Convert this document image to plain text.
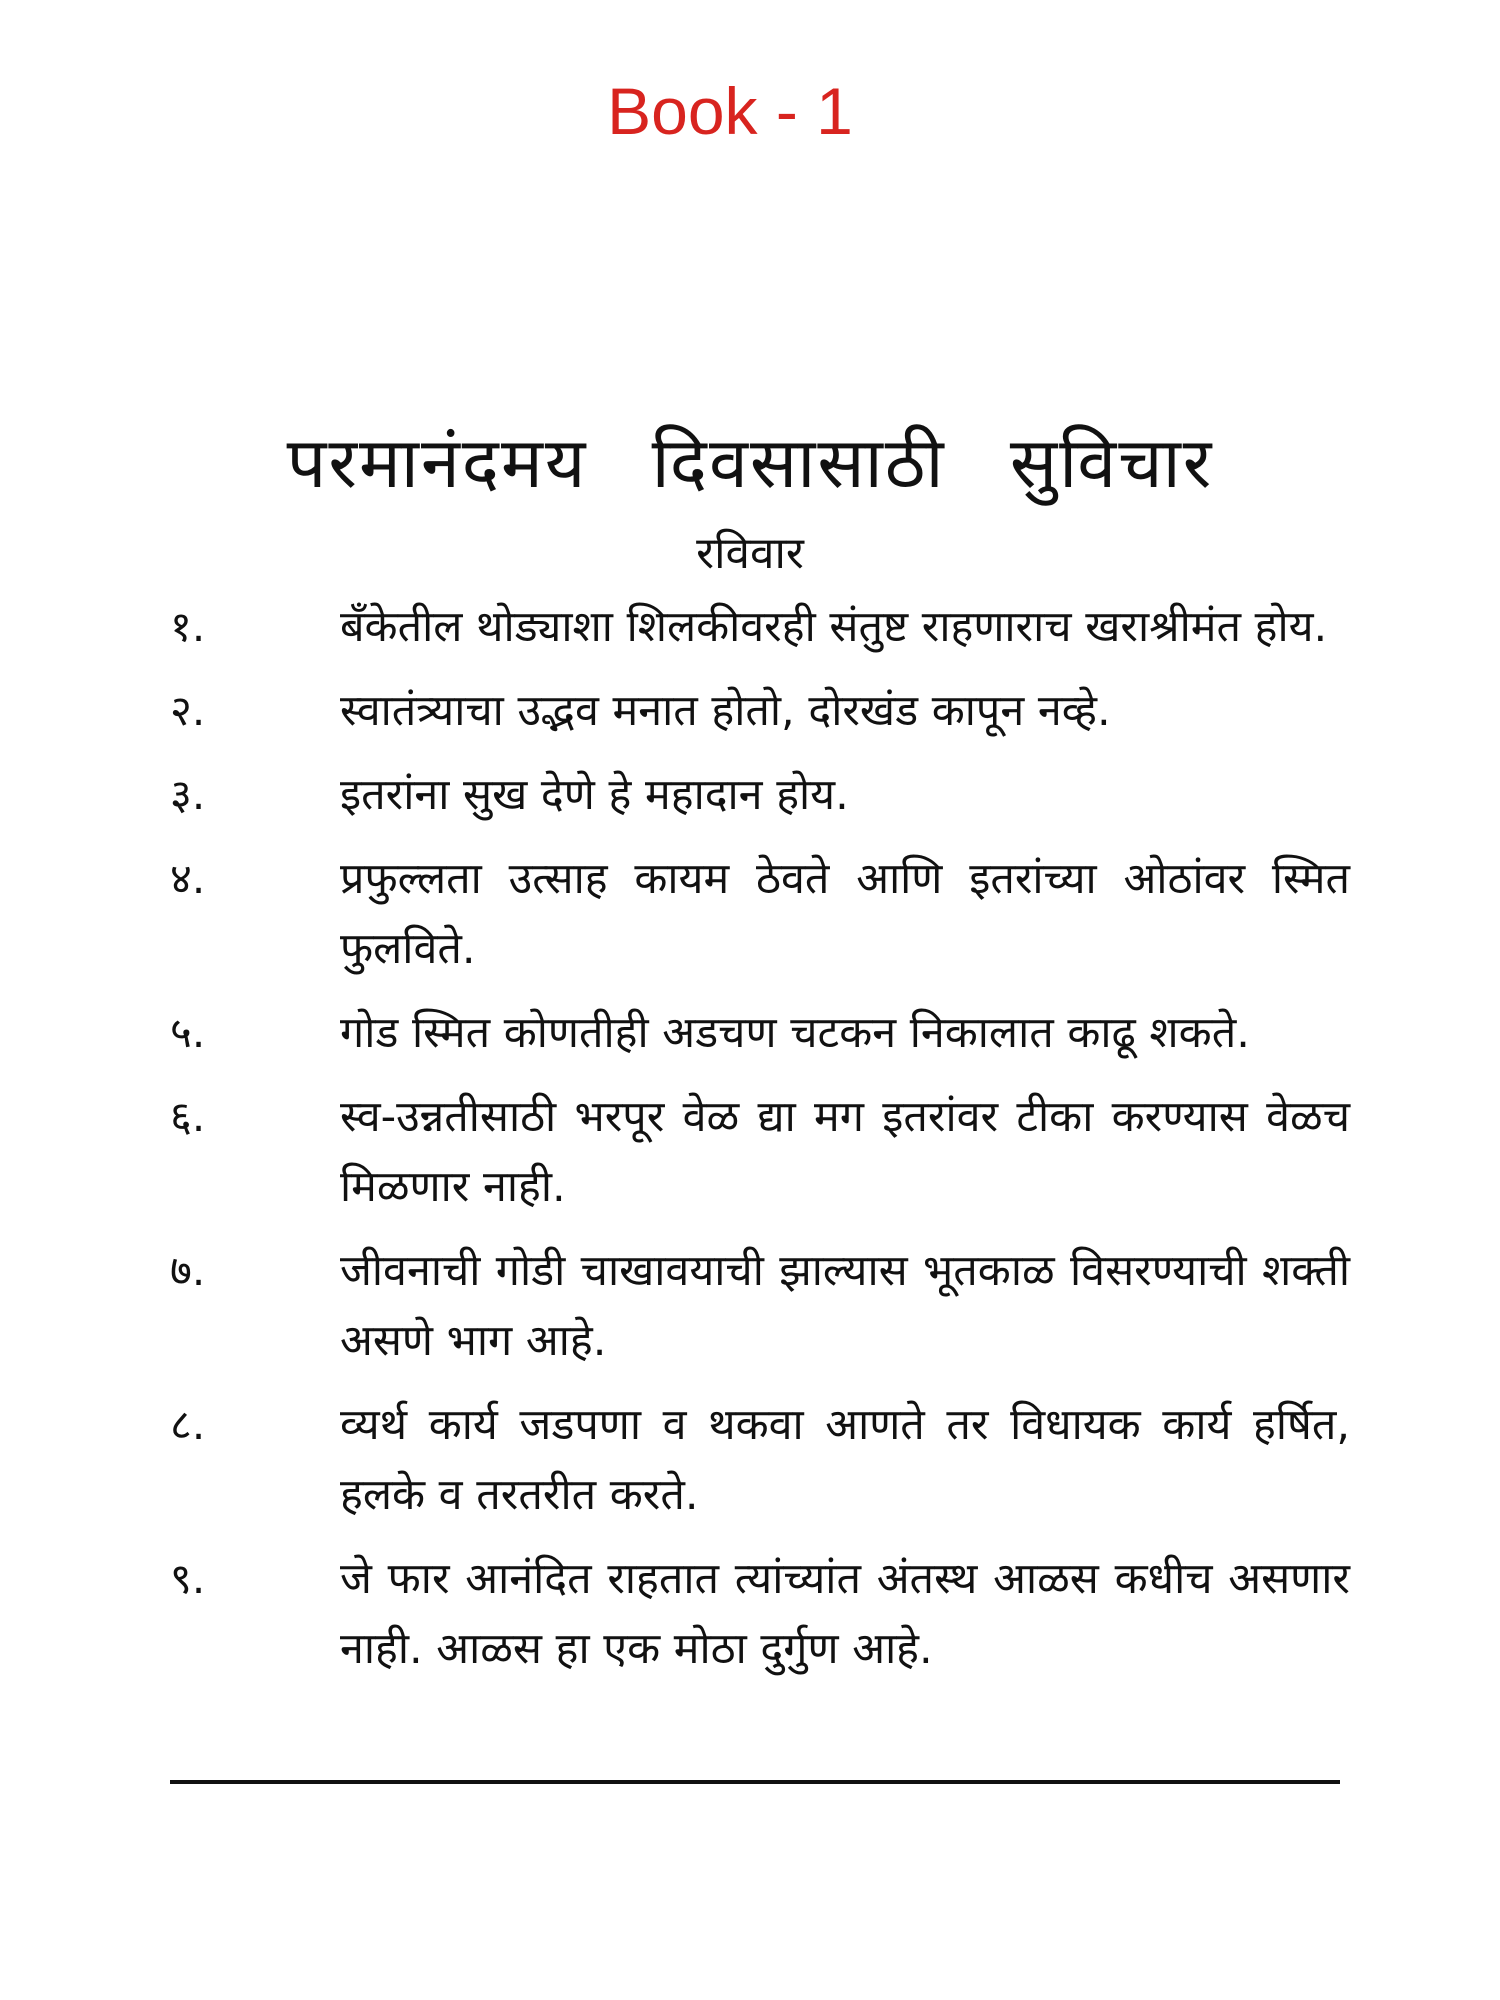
Book - 1
परमानंदमय दिवसासाठी सुविचार
रविवार
१.	बँकेतील थोड्याशा शिलकीवरही संतुष्ट राहणाराच खराश्रीमंत होय.
२.	स्वातंत्र्याचा उद्भव मनात होतो, दोरखंड कापून नव्हे.
३.	इतरांना सुख देणे हे महादान होय.
४.	प्रफुल्लता उत्साह कायम ठेवते आणि इतरांच्या ओठांवर स्मित फुलविते.
५.	गोड स्मित कोणतीही अडचण चटकन निकालात काढू शकते.
६.	स्व-उन्नतीसाठी भरपूर वेळ द्या मग इतरांवर टीका करण्यास वेळच मिळणार नाही.
७.	जीवनाची गोडी चाखावयाची झाल्यास भूतकाळ विसरण्याची शक्ती असणे भाग आहे.
८.	व्यर्थ कार्य जडपणा व थकवा आणते तर विधायक कार्य हर्षित, हलके व तरतरीत करते.
९.	जे फार आनंदित राहतात त्यांच्यांत अंतस्थ आळस कधीच असणार नाही. आळस हा एक मोठा दुर्गुण आहे.
